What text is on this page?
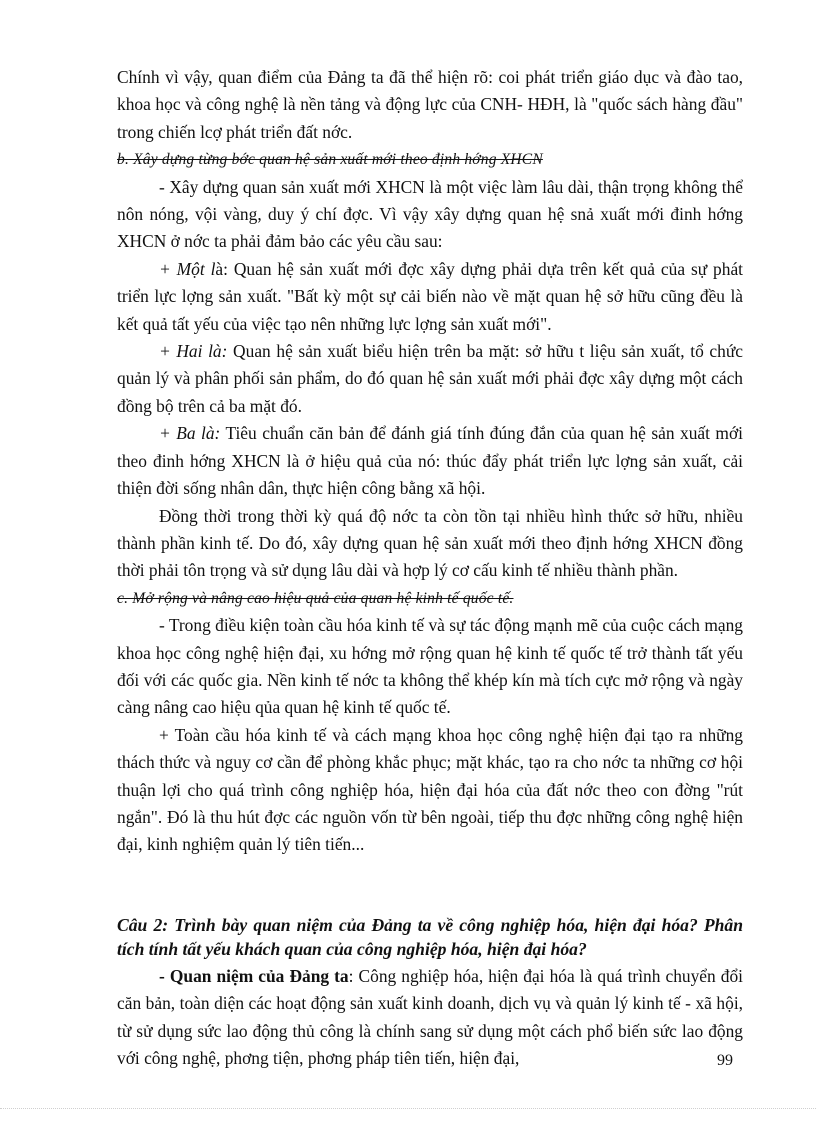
Chính vì vậy, quan điểm của Đảng ta đã thể hiện rõ: coi phát triển giáo dục và đào tao, khoa học và công nghệ là nền tảng và động lực của CNH- HĐH, là "quốc sách hàng đầu" trong chiến lcợ phát triển đất nớc.

b. Xây dựng từng bớc quan hệ sản xuất mới theo định hớng XHCN

- Xây dựng quan sản xuất mới XHCN là một việc làm lâu dài, thận trọng không thể nôn nóng, vội vàng, duy ý chí đợc. Vì vậy xây dựng quan hệ snả xuất mới đinh hớng XHCN ở nớc ta phải đảm bảo các yêu cầu sau:

+ Một là: Quan hệ sản xuất mới đợc xây dựng phải dựa trên kết quả của sự phát triển lực lợng sản xuất. "Bất kỳ một sự cải biến nào về mặt quan hệ sở hữu cũng đều là kết quả tất yếu của việc tạo nên những lực lợng sản xuất mới".

+ Hai là: Quan hệ sản xuất biểu hiện trên ba mặt: sở hữu t liệu sản xuất, tổ chức quản lý và phân phối sản phẩm, do đó quan hệ sản xuất mới phải đợc xây dựng một cách đồng bộ trên cả ba mặt đó.

+ Ba là: Tiêu chuẩn căn bản để đánh giá tính đúng đắn của quan hệ sản xuất mới theo đinh hớng XHCN là ở hiệu quả của nó: thúc đẩy phát triển lực lợng sản xuất, cải thiện đời sống nhân dân, thực hiện công bằng xã hội.

Đồng thời trong thời kỳ quá độ nớc ta còn tồn tại nhiều hình thức sở hữu, nhiều thành phần kinh tế. Do đó, xây dựng quan hệ sản xuất mới theo định hớng XHCN đồng thời phải tôn trọng và sử dụng lâu dài và hợp lý cơ cấu kinh tế nhiều thành phần.

c. Mở rộng và nâng cao hiệu quả của quan hệ kinh tế quốc tế.

- Trong điều kiện toàn cầu hóa kinh tế và sự tác động mạnh mẽ của cuộc cách mạng khoa học công nghệ hiện đại, xu hớng mở rộng quan hệ kinh tế quốc tế trở thành tất yếu đối với các quốc gia. Nền kinh tế nớc ta không thể khép kín mà tích cực mở rộng và ngày càng nâng cao hiệu qủa quan hệ kinh tế quốc tế.

+ Toàn cầu hóa kinh tế và cách mạng khoa học công nghệ hiện đại tạo ra những thách thức và nguy cơ cần để phòng khắc phục; mặt khác, tạo ra cho nớc ta những cơ hội thuận lợi cho quá trình công nghiệp hóa, hiện đại hóa của đất nớc theo con đờng "rút ngắn". Đó là thu hút đợc các nguồn vốn từ bên ngoài, tiếp thu đợc những công nghệ hiện đại, kinh nghiệm quản lý tiên tiến...

Câu 2: Trình bày quan niệm của Đảng ta về công nghiệp hóa, hiện đại hóa? Phân tích tính tất yếu khách quan của công nghiệp hóa, hiện đại hóa?

- Quan niệm của Đảng ta: Công nghiệp hóa, hiện đại hóa là quá trình chuyển đổi căn bản, toàn diện các hoạt động sản xuất kinh doanh, dịch vụ và quản lý kinh tế - xã hội, từ sử dụng sức lao động thủ công là chính sang sử dụng một cách phổ biến sức lao động với công nghệ, phơng tiện, phơng pháp tiên tiến, hiện đại,	99
